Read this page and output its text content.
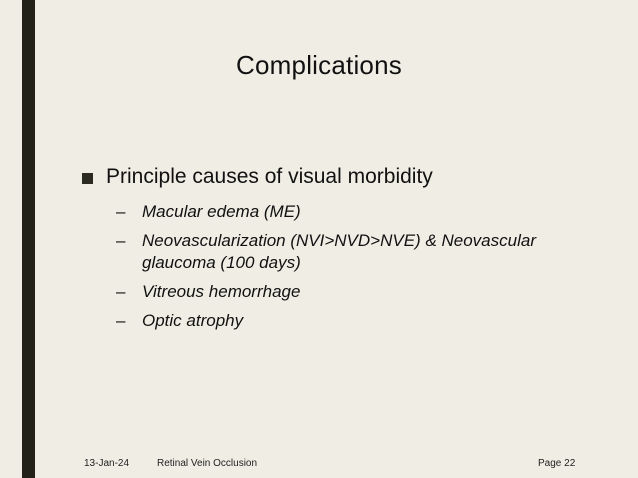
Complications
Principle causes of visual morbidity
– Macular edema (ME)
– Neovascularization (NVI>NVD>NVE) & Neovascular glaucoma (100 days)
– Vitreous hemorrhage
– Optic atrophy
13-Jan-24	Retinal Vein Occlusion	Page 22
